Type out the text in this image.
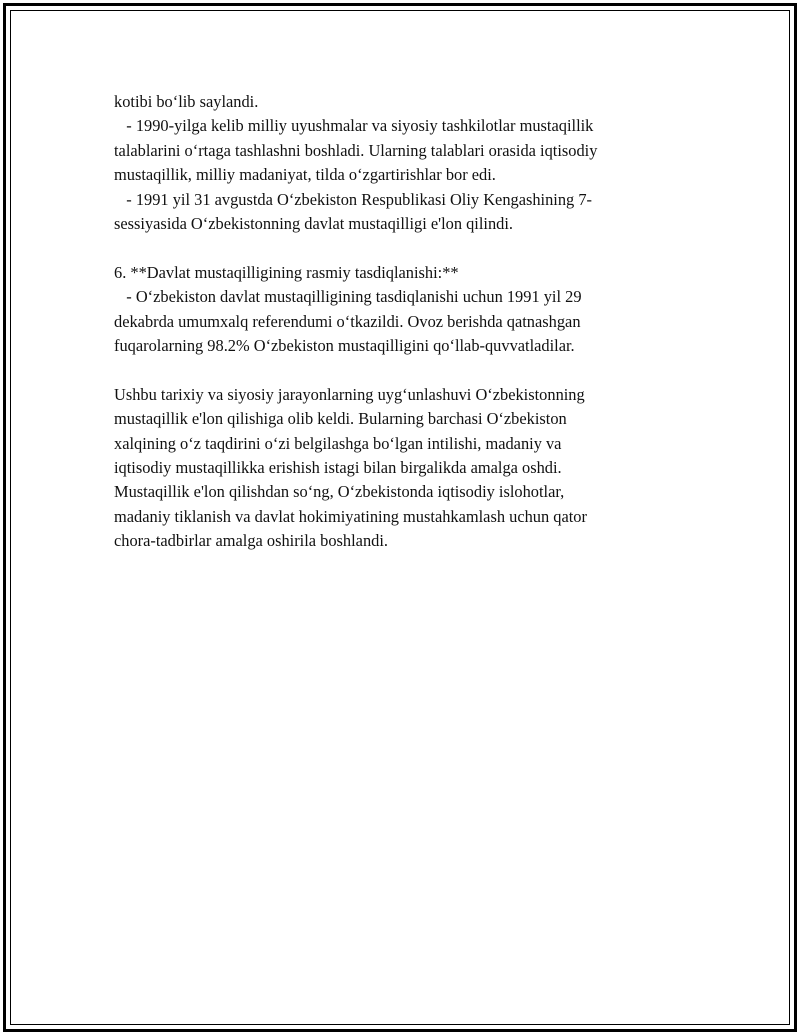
kotibi bo‘lib saylandi.
- 1990-yilga kelib milliy uyushmalar va siyosiy tashkilotlar mustaqillik
talablarini o‘rtaga tashlashni boshladi. Ularning talablari orasida iqtisodiy
mustaqillik, milliy madaniyat, tilda o‘zgartirishlar bor edi.
- 1991 yil 31 avgustda O‘zbekiston Respublikasi Oliy Kengashining 7-
sessiyasida O‘zbekistonning davlat mustaqilligi e'lon qilindi.
6. **Davlat mustaqilligining rasmiy tasdiqlanishi:**
- O‘zbekiston davlat mustaqilligining tasdiqlanishi uchun 1991 yil 29
dekabrda umumxalq referendumi o‘tkazildi. Ovoz berishda qatnashgan
fuqarolarning 98.2% O‘zbekiston mustaqilligini qo‘llab-quvvatladilar.
Ushbu tarixiy va siyosiy jarayonlarning uyg‘unlashuvi O‘zbekistonning
mustaqillik e'lon qilishiga olib keldi. Bularning barchasi O‘zbekiston
xalqining o‘z taqdirini o‘zi belgilashga bo‘lgan intilishi, madaniy va
iqtisodiy mustaqillikka erishish istagi bilan birgalikda amalga oshdi.
Mustaqillik e'lon qilishdan so‘ng, O‘zbekistonda iqtisodiy islohotlar,
madaniy tiklanish va davlat hokimiyatining mustahkamlash uchun qator
chora-tadbirlar amalga oshirila boshlandi.
